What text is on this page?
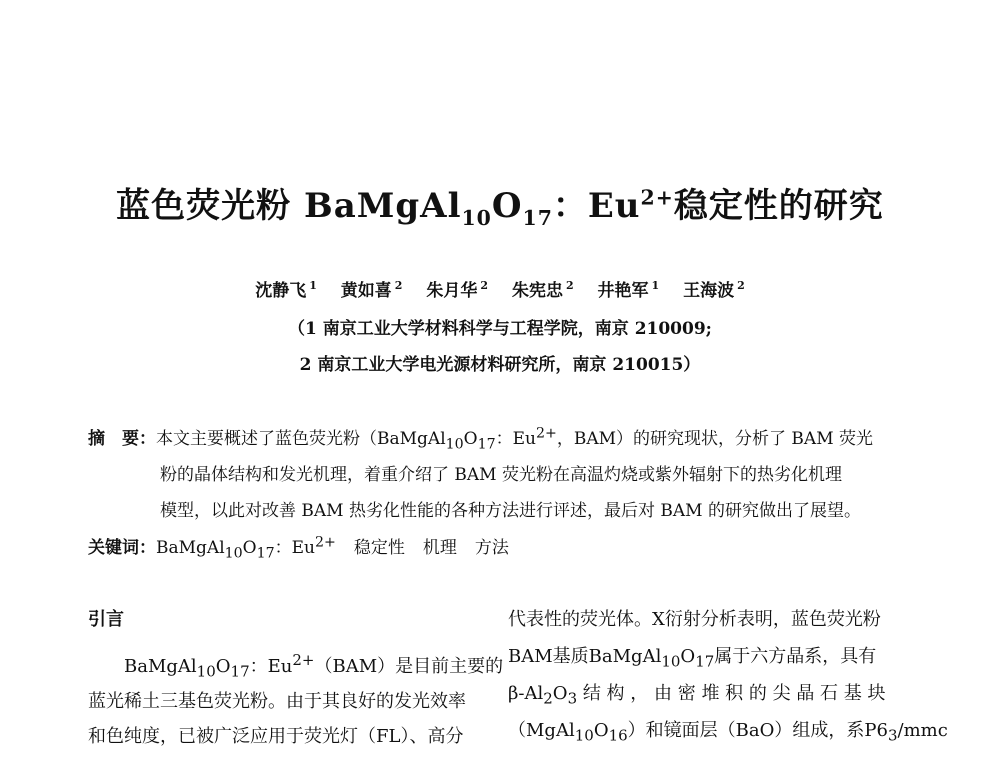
蓝色荧光粉 $BaMgAl_{10}O_{17}$：$Eu^{2+}$稳定性的研究
沈静飞 $^1$ 黄如喜 $^2$ 朱月华 $^2$ 朱宪忠 $^2$ 井艳军 $^1$ 王海波 $^2$
（1 南京工业大学材料科学与工程学院，南京 210009;
2 南京工业大学电光源材料研究所，南京 210015）
摘　要：本文主要概述了蓝色荧光粉（$BaMgAl_{10}O_{17}$：$Eu^{2+}$，BAM）的研究现状，分析了 BAM 荧光
粉的晶体结构和发光机理，着重介绍了 BAM 荧光粉在高温灼烧或紫外辐射下的热劣化机理
模型，以此对改善 BAM 热劣化性能的各种方法进行评述，最后对 BAM 的研究做出了展望。
关键词：$BaMgAl_{10}O_{17}$：$Eu^{2+}$ 稳定性 机理 方法
引言
$BaMgAl_{10}O_{17}$：$Eu^{2+}(BAM)$是目前主要的
蓝光稀土三基色荧光粉。由于其良好的发光效率
和色纯度，已被广泛应用于荧光灯（FL）、高分
代表性的荧光体。X衍射分析表明，蓝色荧光粉
BAM基质$BaMgAl_{10}O_{17}$属于六方晶系，具有
$\beta-Al_2O_3$ 结 构 ， 由 密 堆 积 的 尖 晶 石 基 块
$(MgAl_{10}O_{16})$和镜面层（BaO）组成，系$P6_3$/mmc
